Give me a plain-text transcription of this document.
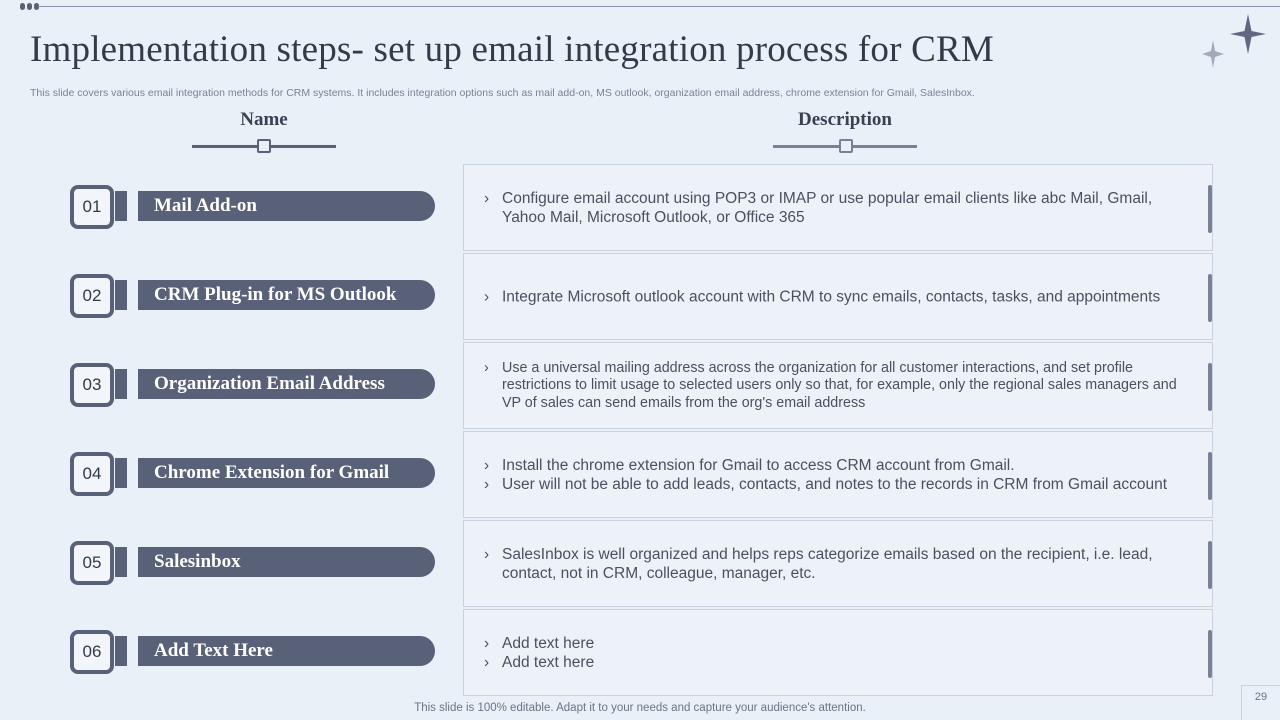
Implementation steps- set up email integration process for CRM
This slide covers various email integration methods for CRM systems. It includes integration options such as mail add-on, MS outlook, organization email address, chrome extension for Gmail, SalesInbox.
Name	Description
01	Mail Add-on	› Configure email account using POP3 or IMAP or use popular email clients like abc Mail, Gmail, Yahoo Mail, Microsoft Outlook, or Office 365
02	CRM Plug-in for MS Outlook	› Integrate Microsoft outlook account with CRM to sync emails, contacts, tasks, and appointments
03	Organization Email Address
› Use a universal mailing address across the organization for all customer interactions, and set profile restrictions to limit usage to selected users only so that, for example, only the regional sales managers and VP of sales can send emails from the org's email address
04	Chrome Extension for Gmail	› Install the chrome extension for Gmail to access CRM account from Gmail.
› User will not be able to add leads, contacts, and notes to the records in CRM from Gmail account
05	Salesinbox	› SalesInbox is well organized and helps reps categorize emails based on the recipient, i.e. lead, contact, not in CRM, colleague, manager, etc.
06	Add Text Here	› Add text here
› Add text here
This slide is 100% editable. Adapt it to your needs and capture your audience's attention.
29
